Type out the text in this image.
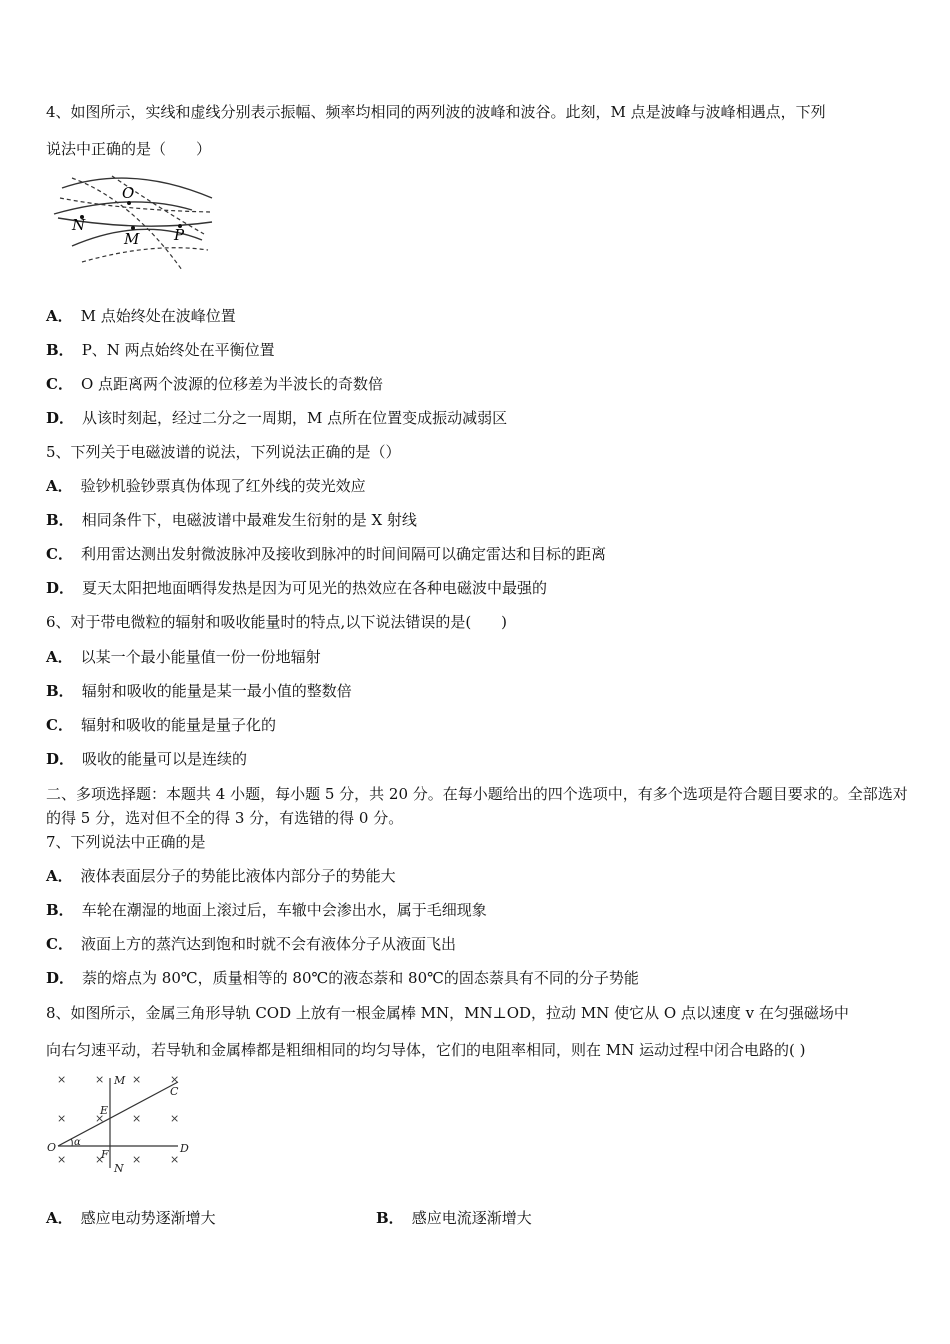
4、如图所示，实线和虚线分别表示振幅、频率均相同的两列波的波峰和波谷。此刻，M 点是波峰与波峰相遇点，下列
说法中正确的是（　　）
O
N
M P
A． M 点始终处在波峰位置
B． P、N 两点始终处在平衡位置
C． O 点距离两个波源的位移差为半波长的奇数倍
D． 从该时刻起，经过二分之一周期，M 点所在位置变成振动减弱区
5、下列关于电磁波谱的说法，下列说法正确的是（）
A． 验钞机验钞票真伪体现了红外线的荧光效应
B． 相同条件下，电磁波谱中最难发生衍射的是 X 射线
C． 利用雷达测出发射微波脉冲及接收到脉冲的时间间隔可以确定雷达和目标的距离
D． 夏天太阳把地面晒得发热是因为可见光的热效应在各种电磁波中最强的
6、对于带电微粒的辐射和吸收能量时的特点,以下说法错误的是(　　)
A． 以某一个最小能量值一份一份地辐射
B． 辐射和吸收的能量是某一最小值的整数倍
C． 辐射和吸收的能量是量子化的
D． 吸收的能量可以是连续的
二、多项选择题：本题共 4 小题，每小题 5 分，共 20 分。在每小题给出的四个选项中，有多个选项是符合题目要求的。全部选对的得 5 分，选对但不全的得 3 分，有选错的得 0 分。
7、下列说法中正确的是
A． 液体表面层分子的势能比液体内部分子的势能大
B． 车轮在潮湿的地面上滚过后，车辙中会渗出水，属于毛细现象
C． 液面上方的蒸汽达到饱和时就不会有液体分子从液面飞出
D． 萘的熔点为 80℃，质量相等的 80℃的液态萘和 80℃的固态萘具有不同的分子势能
8、如图所示，金属三角形导轨 COD 上放有一根金属棒 MN，MN⊥OD，拉动 MN 使它从 O 点以速度 v 在匀强磁场中
向右匀速平动，若导轨和金属棒都是粗细相同的均匀导体，它们的电阻率相同，则在 MN 运动过程中闭合电路的( )
×	×	×	×
×	×	×	×
×	×	×	×
M
C
E
O α
F	D
N
A． 感应电动势逐渐增大	B． 感应电流逐渐增大
